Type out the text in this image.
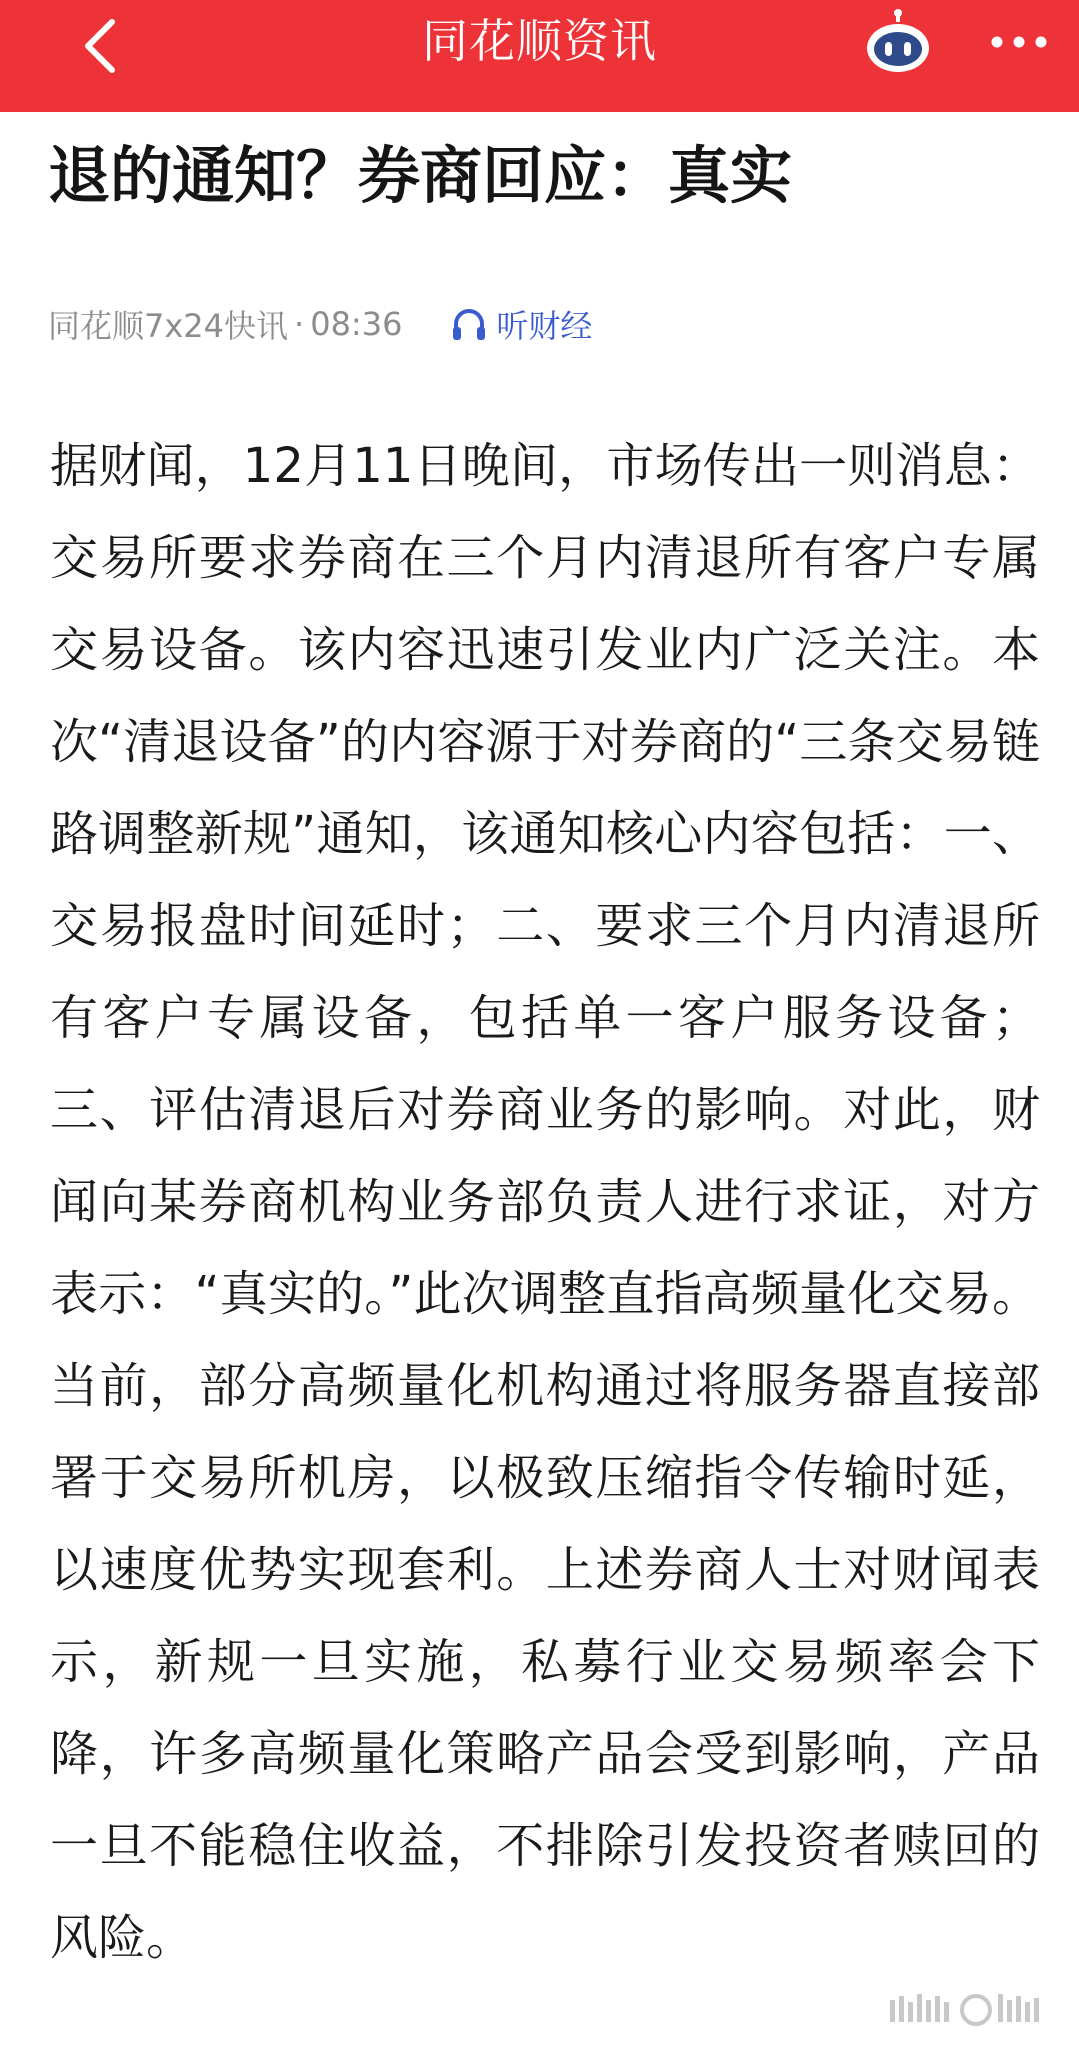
同花顺资讯
退的通知？券商回应：真实
同花顺7x24快讯 · 08:36	听财经
据财闻，12月11日晚间，市场传出一则消息：交易所要求券商在三个月内清退所有客户专属交易设备。该内容迅速引发业内广泛关注。本次“清退设备”的内容源于对券商的“三条交易链路调整新规”通知，该通知核心内容包括：一、交易报盘时间延时；二、要求三个月内清退所有客户专属设备，包括单一客户服务设备；三、评估清退后对券商业务的影响。对此，财闻向某券商机构业务部负责人进行求证，对方表示：“真实的。”此次调整直指高频量化交易。当前，部分高频量化机构通过将服务器直接部署于交易所机房，以极致压缩指令传输时延，以速度优势实现套利。上述券商人士对财闻表示，新规一旦实施，私募行业交易频率会下降，许多高频量化策略产品会受到影响，产品一旦不能稳住收益，不排除引发投资者赎回的风险。
